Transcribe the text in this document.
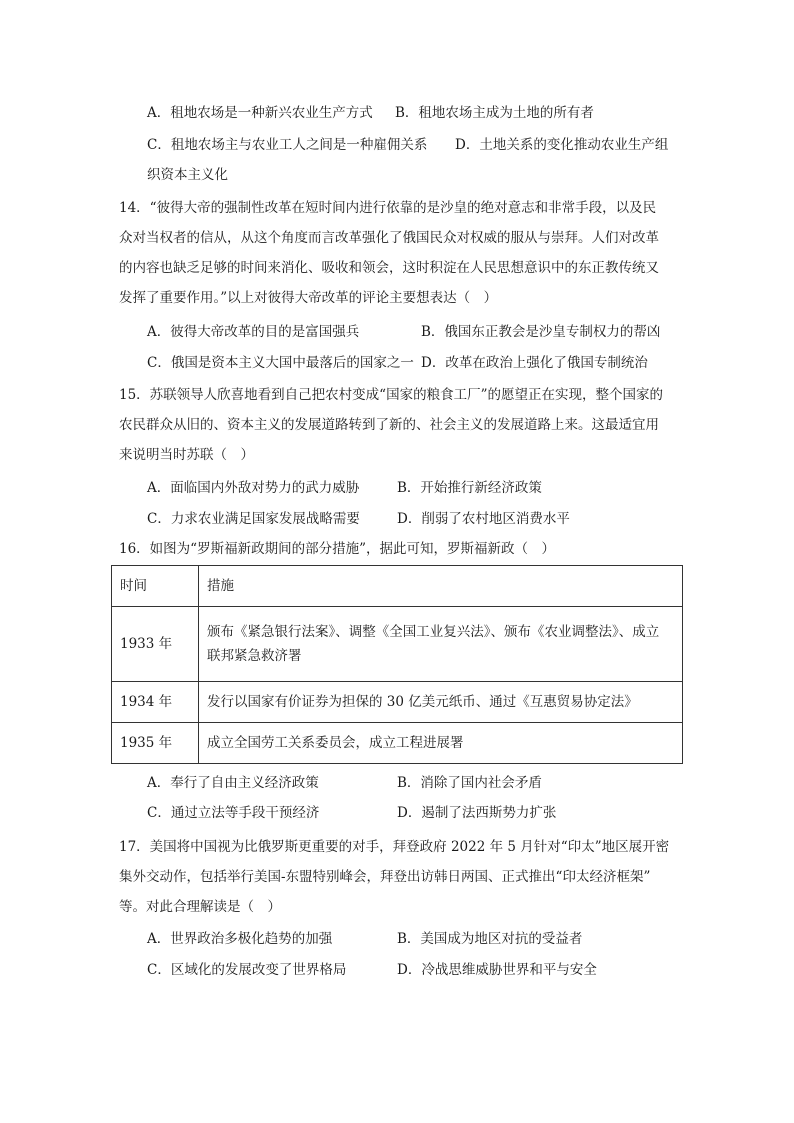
A．租地农场是一种新兴农业生产方式 B．租地农场主成为土地的所有者
C．租地农场主与农业工人之间是一种雇佣关系 D．土地关系的变化推动农业生产组
织资本主义化
14．“彼得大帝的强制性改革在短时间内进行依靠的是沙皇的绝对意志和非常手段，以及民
众对当权者的信从，从这个角度而言改革强化了俄国民众对权威的服从与崇拜。人们对改革
的内容也缺乏足够的时间来消化、吸收和领会，这时积淀在人民思想意识中的东正教传统又
发挥了重要作用。”以上对彼得大帝改革的评论主要想表达（　）
A．彼得大帝改革的目的是富国强兵	B．俄国东正教会是沙皇专制权力的帮凶
C．俄国是资本主义大国中最落后的国家之一 D．改革在政治上强化了俄国专制统治
15．苏联领导人欣喜地看到自己把农村变成“国家的粮食工厂”的愿望正在实现，整个国家的
农民群众从旧的、资本主义的发展道路转到了新的、社会主义的发展道路上来。这最适宜用
来说明当时苏联（　）
A．面临国内外敌对势力的武力威胁	B．开始推行新经济政策
C．力求农业满足国家发展战略需要	D．削弱了农村地区消费水平
16．如图为“罗斯福新政期间的部分措施”，据此可知，罗斯福新政（　）
时间	措施
1933 年	颁布《紧急银行法案》、调整《全国工业复兴法》、颁布《农业调整法》、成立
联邦紧急救济署

1934 年	发行以国家有价证券为担保的 30 亿美元纸币、通过《互惠贸易协定法》
1935 年	成立全国劳工关系委员会，成立工程进展署
A．奉行了自由主义经济政策	B．消除了国内社会矛盾
C．通过立法等手段干预经济	D．遏制了法西斯势力扩张
17．美国将中国视为比俄罗斯更重要的对手，拜登政府 2022 年 5 月针对“印太”地区展开密
集外交动作，包括举行美国-东盟特别峰会，拜登出访韩日两国、正式推出“印太经济框架”
等。对此合理解读是（　）
A．世界政治多极化趋势的加强	B．美国成为地区对抗的受益者
C．区域化的发展改变了世界格局	D．冷战思维威胁世界和平与安全
